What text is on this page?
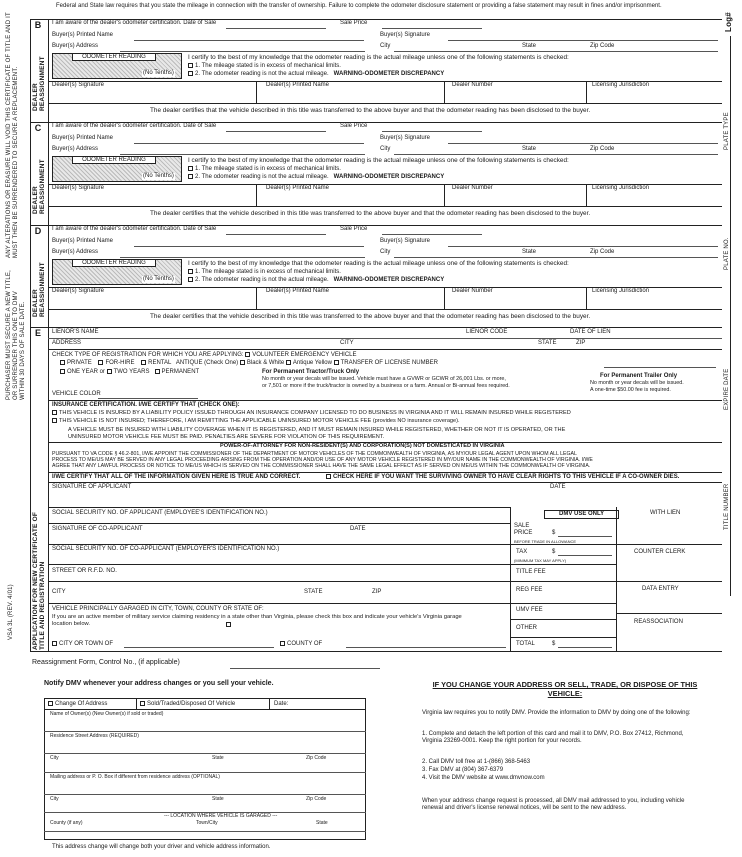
Federal and State law requires that you state the mileage in connection with the transfer of ownership. Failure to complete the odometer disclosure statement or providing a false statement may result in fines and/or imprisonment.
ANY ALTERATIONS OR ERASURE WILL VOID THIS CERTIFICATE OF TITLE AND IT MUST THEN BE SURRENDERED TO SECURE A REPLACEMENT.
PURCHASER MUST SECURE A NEW TITLE, OR SURRENDER THIS ONE TO DMV WITHIN 30 DAYS OF SALE DATE.
VSA 3L (REV. 4/01)
Log#
PLATE TYPE
PLATE NO.
EXPIRE DATE
TITLE NUMBER
B
DEALER REASSIGNMENT
I am aware of the dealer's odometer certification. Date of Sale	Sale Price
Buyer(s) Printed Name	Buyer(s) Signature
Buyer(s) Address	City	State	Zip Code
ODOMETER READING
(No Tenths)
I certify to the best of my knowledge that the odometer reading is the actual mileage unless one of the following statements is checked:
1. The mileage stated is in excess of mechanical limits.
2. The odometer reading is not the actual mileage. WARNING-ODOMETER DISCREPANCY
Dealer(s) Signature	Dealer(s) Printed Name	Dealer Number	Licensing Jurisdiction
The dealer certifies that the vehicle described in this title was transferred to the above buyer and that the odometer reading has been disclosed to the buyer.
C
DEALER REASSIGNMENT
I am aware of the dealer's odometer certification. Date of Sale	Sale Price
Buyer(s) Printed Name	Buyer(s) Signature
Buyer(s) Address	City	State	Zip Code
ODOMETER READING
(No Tenths)
I certify to the best of my knowledge that the odometer reading is the actual mileage unless one of the following statements is checked:
1. The mileage stated is in excess of mechanical limits.
2. The odometer reading is not the actual mileage. WARNING-ODOMETER DISCREPANCY
Dealer(s) Signature	Dealer(s) Printed Name	Dealer Number	Licensing Jurisdiction
The dealer certifies that the vehicle described in this title was transferred to the above buyer and that the odometer reading has been disclosed to the buyer.
D
DEALER REASSIGNMENT
I am aware of the dealer's odometer certification. Date of Sale	Sale Price
Buyer(s) Printed Name	Buyer(s) Signature
Buyer(s) Address	City	State	Zip Code
ODOMETER READING
(No Tenths)
I certify to the best of my knowledge that the odometer reading is the actual mileage unless one of the following statements is checked:
1. The mileage stated is in excess of mechanical limits.
2. The odometer reading is not the actual mileage. WARNING-ODOMETER DISCREPANCY
Dealer(s) Signature	Dealer(s) Printed Name	Dealer Number	Licensing Jurisdiction
The dealer certifies that the vehicle described in this title was transferred to the above buyer and that the odometer reading has been disclosed to the buyer.
E
APPLICATION FOR NEW CERTIFICATE OF TITLE AND REGISTRATION
LIENOR'S NAME	LIENOR CODE	DATE OF LIEN
ADDRESS	CITY	STATE	ZIP
CHECK TYPE OF REGISTRATION FOR WHICH YOU ARE APPLYING: VOLUNTEER EMERGENCY VEHICLE
PRIVATE FOR-HIRE RENTAL ANTIQUE (Check One) Black & White Antique Yellow TRANSFER OF LICENSE NUMBER
ONE YEAR or TWO YEARS PERMANENT	For Permanent Tractor/Truck Only
No month or year decals will be issued. Vehicle must have a GVWR or GCWR of 26,001 Lbs. or more,
or 7,501 or more if the truck/tractor is owned by a business or a farm. Annual or Bi-annual fees required.
For Permanent Trailer Only
No month or year decals will be issued.
A one-time $50.00 fee is required.
VEHICLE COLOR
INSURANCE CERTIFICATION. I/WE CERTIFY THAT (CHECK ONE):
THIS VEHICLE IS INSURED BY A LIABILITY POLICY ISSUED THROUGH AN INSURANCE COMPANY LICENSED TO DO BUSINESS IN VIRGINIA AND IT WILL REMAIN INSURED WHILE REGISTERED
THIS VEHICLE IS NOT INSURED; THEREFORE, I AM REMITTING THE APPLICABLE UNINSURED MOTOR VEHICLE FEE (provides NO insurance coverage).
A VEHICLE MUST BE INSURED WITH LIABILITY COVERAGE WHEN IT IS REGISTERED, AND IT MUST REMAIN INSURED WHILE REGISTERED, WHETHER OR NOT IT IS OPERATED, OR THE
UNINSURED MOTOR VEHICLE FEE MUST BE PAID. PENALTIES ARE SEVERE FOR VIOLATION OF THIS REQUIREMENT.
POWER-OF-ATTORNEY FOR NON-RESIDENT(S) AND CORPORATION(S) NOT DOMESTICATED IN VIRGINIA
PURSUANT TO VA CODE § 46.2-801, I/WE APPOINT THE COMMISSIONER OF THE DEPARTMENT OF MOTOR VEHICLES OF THE COMMONWEALTH OF VIRGINIA, AS MY/OUR LEGAL AGENT UPON WHOM ALL LEGAL
PROCESS TO ME/US MAY BE SERVED IN ANY LEGAL PROCEEDING ARISING FROM THE OPERATION AND/OR USE OF ANY MOTOR VEHICLE REGISTERED IN MY/OUR NAME IN THE COMMONWEALTH OF VIRGINIA. I/WE
AGREE THAT ANY LAWFUL PROCESS OR NOTICE TO ME/US WHICH IS SERVED ON THE COMMISSIONER SHALL HAVE THE SAME LEGAL EFFECT AS IF SERVED ON ME/US WITHIN THE COMMONWEALTH OF VIRGINIA.
I/WE CERTIFY THAT ALL OF THE INFORMATION GIVEN HERE IS TRUE AND CORRECT.	CHECK HERE IF YOU WANT THE SURVIVING OWNER TO HAVE CLEAR RIGHTS TO THIS VEHICLE IF A CO-OWNER DIES.
SIGNATURE OF APPLICANT	DATE
SOCIAL SECURITY NO. OF APPLICANT (EMPLOYEE'S IDENTIFICATION NO.)
SIGNATURE OF CO-APPLICANT	DATE
SOCIAL SECURITY NO. OF CO-APPLICANT (EMPLOYER'S IDENTIFICATION NO.)
STREET OR R.F.D. NO.
CITY	STATE	ZIP
VEHICLE PRINCIPALLY GARAGED IN CITY, TOWN, COUNTY OR STATE OF:
If you are an active member of military service claiming residency in a state other than Virginia, please check this box and indicate your vehicle's Virginia garage location below.
CITY OR TOWN OF	COUNTY OF
DMV USE ONLY	WITH LIEN
SALE PRICE	$
BEFORE TRADE IN ALLOWANCE
TAX	$
(MINIMUM TAX MAY APPLY)
TITLE FEE
REG FEE
UMV FEE
OTHER
TOTAL	$
COUNTER CLERK
DATA ENTRY
REASSOCIATION
Reassignment Form, Control No., (if applicable)
Notify DMV whenever your address changes or you sell your vehicle.
Change Of Address	Sold/Traded/Disposed Of Vehicle	Date:
Name of Owner(s) (New Owner(s) if sold or traded)
Residence Street Address (REQUIRED)
City	State	Zip Code
Mailing address or P. O. Box if different from residence address (OPTIONAL)
City	State	Zip Code
--- LOCATION WHERE VEHICLE IS GARAGED ---
County (if any)	Town/City	State
This address change will change both your driver and vehicle address information.
IF YOU CHANGE YOUR ADDRESS OR SELL, TRADE, OR DISPOSE OF THIS VEHICLE:
Virginia law requires you to notify DMV. Provide the information to DMV by doing one of the following:
1. Complete and detach the left portion of this card and mail it to DMV, P.O. Box 27412, Richmond, Virginia 23269-0001. Keep the right portion for your records.
2. Call DMV toll free at 1-(866) 368-5463
3. Fax DMV at (804) 367-6379
4. Visit the DMV website at www.dmvnow.com
When your address change request is processed, all DMV mail addressed to you, including vehicle renewal and driver's license renewal notices, will be sent to the new address.
